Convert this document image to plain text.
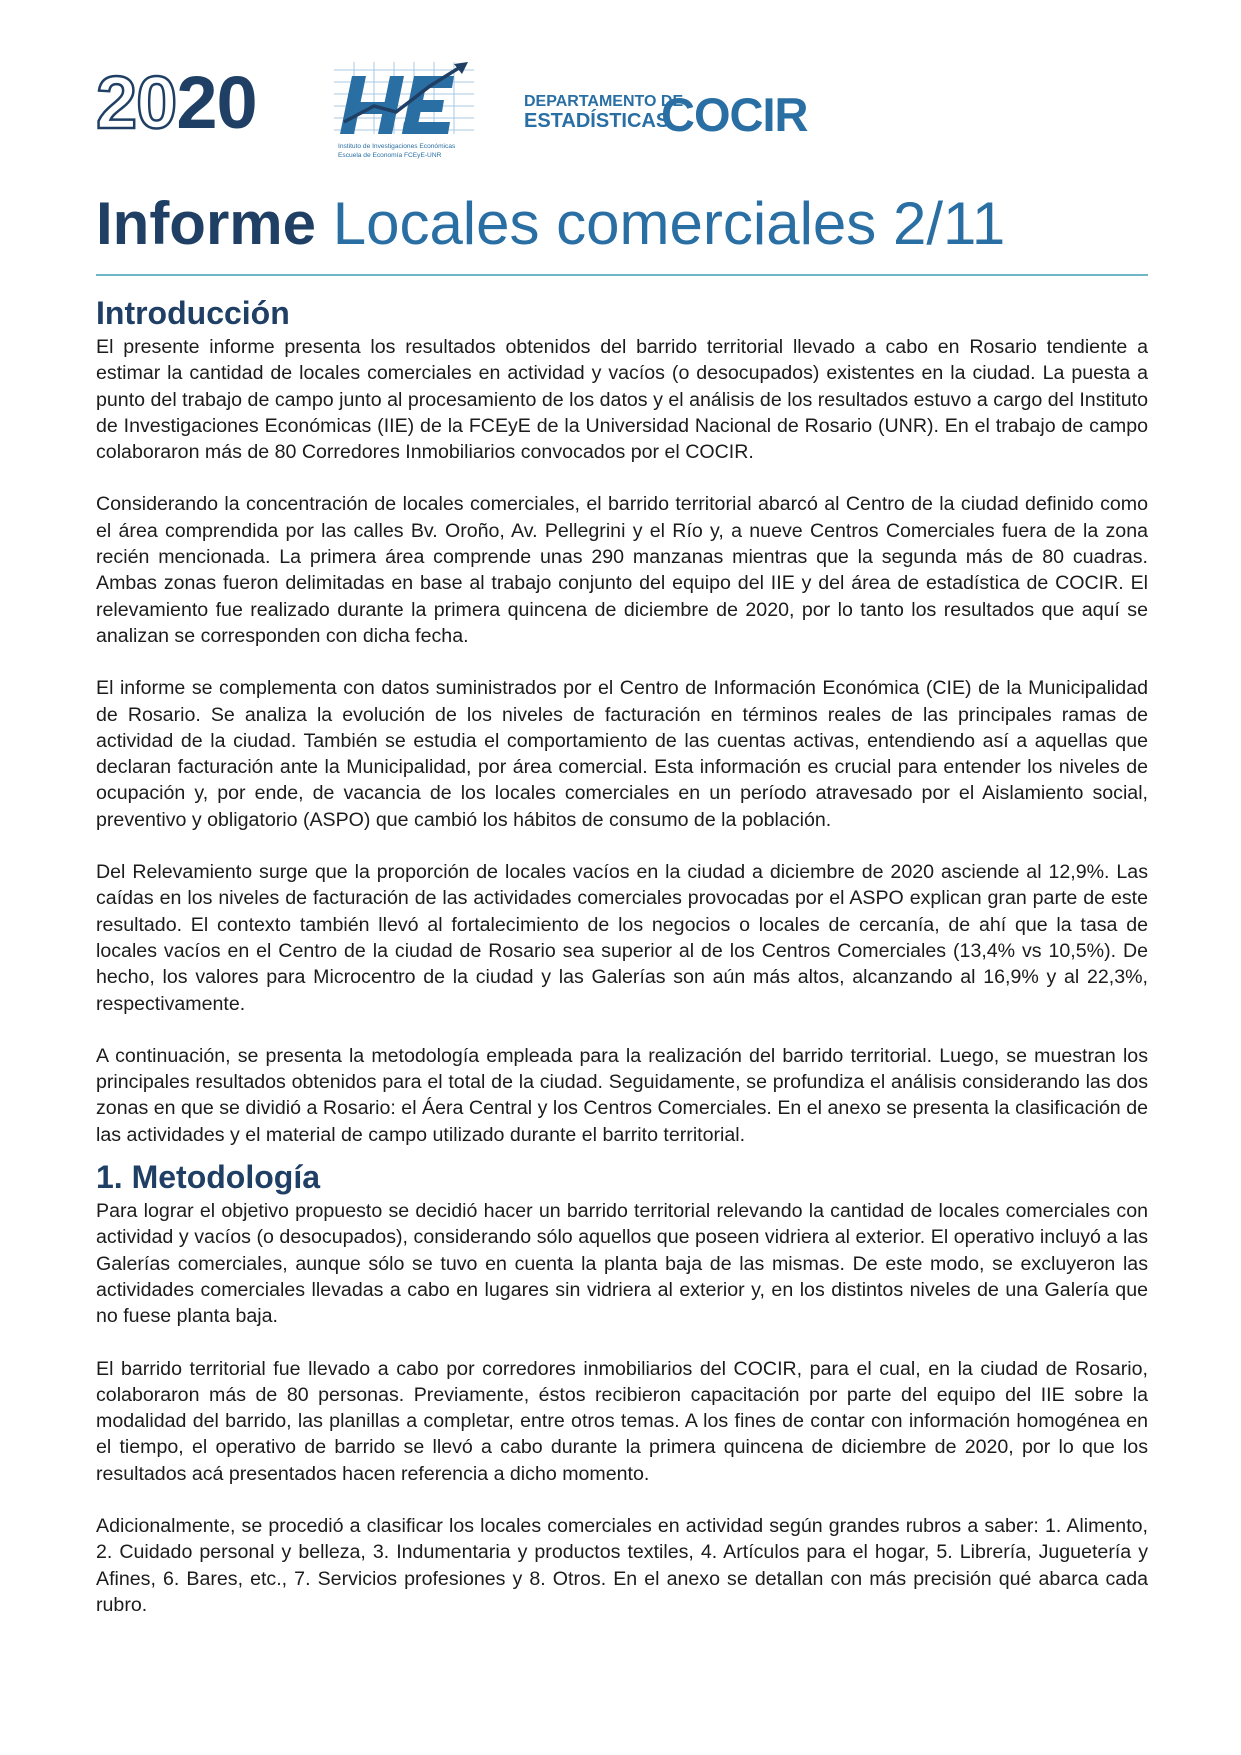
2020
Instituto de Investigaciones Económicas
Escuela de Economía FCEyE-UNR
DEPARTAMENTO DE
ESTADÍSTICAS
COCIR
Informe Locales comerciales 2/11
Introducción

El presente informe presenta los resultados obtenidos del barrido territorial llevado a cabo en Rosario tendiente a estimar la cantidad de locales comerciales en actividad y vacíos (o desocupados) existentes en la ciudad. La puesta a punto del trabajo de campo junto al procesamiento de los datos y el análisis de los resultados estuvo a cargo del Instituto de Investigaciones Económicas (IIE) de la FCEyE de la Universidad Nacional de Rosario (UNR). En el trabajo de campo colaboraron más de 80 Corredores Inmobiliarios convocados por el COCIR.

Considerando la concentración de locales comerciales, el barrido territorial abarcó al Centro de la ciudad definido como el área comprendida por las calles Bv. Oroño, Av. Pellegrini y el Río y, a nueve Centros Comerciales fuera de la zona recién mencionada. La primera área comprende unas 290 manzanas mientras que la segunda más de 80 cuadras. Ambas zonas fueron delimitadas en base al trabajo conjunto del equipo del IIE y del área de estadística de COCIR. El relevamiento fue realizado durante la primera quincena de diciembre de 2020, por lo tanto los resultados que aquí se analizan se corresponden con dicha fecha.

El informe se complementa con datos suministrados por el Centro de Información Económica (CIE) de la Municipalidad de Rosario. Se analiza la evolución de los niveles de facturación en términos reales de las principales ramas de actividad de la ciudad. También se estudia el comportamiento de las cuentas activas, entendiendo así a aquellas que declaran facturación ante la Municipalidad, por área comercial. Esta información es crucial para entender los niveles de ocupación y, por ende, de vacancia de los locales comerciales en un período atravesado por el Aislamiento social, preventivo y obligatorio (ASPO) que cambió los hábitos de consumo de la población.

Del Relevamiento surge que la proporción de locales vacíos en la ciudad a diciembre de 2020 asciende al 12,9%. Las caídas en los niveles de facturación de las actividades comerciales provocadas por el ASPO explican gran parte de este resultado. El contexto también llevó al fortalecimiento de los negocios o locales de cercanía, de ahí que la tasa de locales vacíos en el Centro de la ciudad de Rosario sea superior al de los Centros Comerciales (13,4% vs 10,5%). De hecho, los valores para Microcentro de la ciudad y las Galerías son aún más altos, alcanzando al 16,9% y al 22,3%, respectivamente.

A continuación, se presenta la metodología empleada para la realización del barrido territorial. Luego, se muestran los principales resultados obtenidos para el total de la ciudad. Seguidamente, se profundiza el análisis considerando las dos zonas en que se dividió a Rosario: el Áera Central y los Centros Comerciales. En el anexo se presenta la clasificación de las actividades y el material de campo utilizado durante el barrito territorial.

1. Metodología

Para lograr el objetivo propuesto se decidió hacer un barrido territorial relevando la cantidad de locales comerciales con actividad y vacíos (o desocupados), considerando sólo aquellos que poseen vidriera al exterior. El operativo incluyó a las Galerías comerciales, aunque sólo se tuvo en cuenta la planta baja de las mismas. De este modo, se excluyeron las actividades comerciales llevadas a cabo en lugares sin vidriera al exterior y, en los distintos niveles de una Galería que no fuese planta baja.

El barrido territorial fue llevado a cabo por corredores inmobiliarios del COCIR, para el cual, en la ciudad de Rosario, colaboraron más de 80 personas. Previamente, éstos recibieron capacitación por parte del equipo del IIE sobre la modalidad del barrido, las planillas a completar, entre otros temas. A los fines de contar con información homogénea en el tiempo, el operativo de barrido se llevó a cabo durante la primera quincena de diciembre de 2020, por lo que los resultados acá presentados hacen referencia a dicho momento.

Adicionalmente, se procedió a clasificar los locales comerciales en actividad según grandes rubros a saber: 1. Alimento, 2. Cuidado personal y belleza, 3. Indumentaria y productos textiles, 4. Artículos para el hogar, 5. Librería, Juguetería y Afines, 6. Bares, etc., 7. Servicios profesiones y 8. Otros. En el anexo se detallan con más precisión qué abarca cada rubro.
